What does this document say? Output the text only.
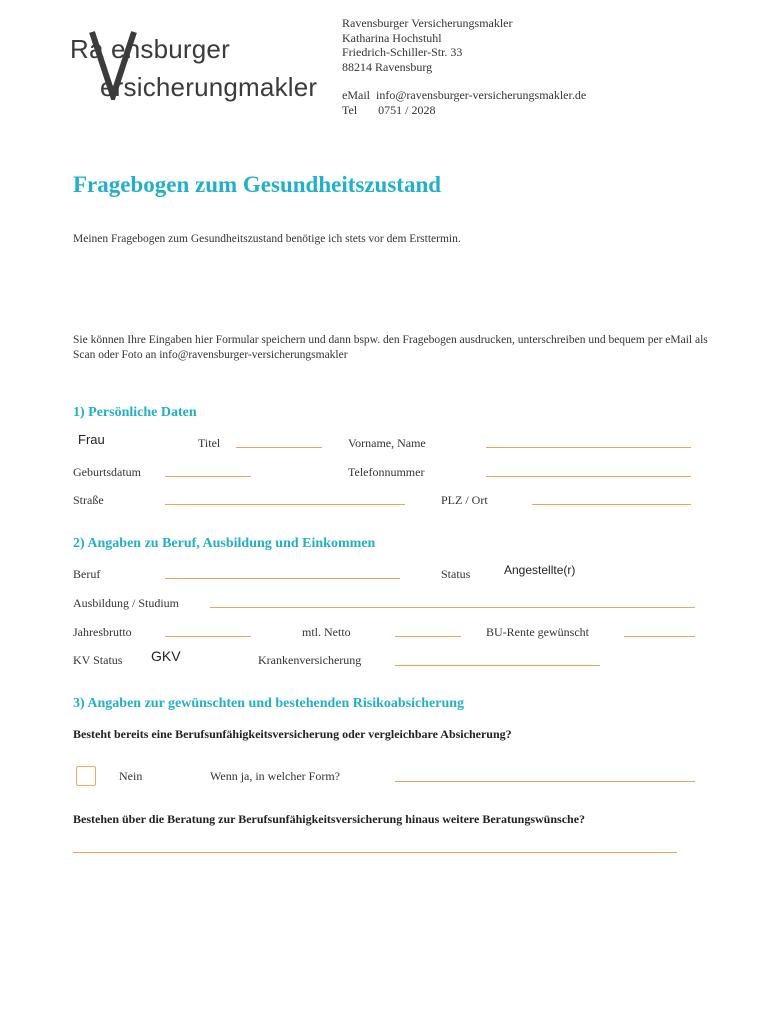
Ra ensburger
ersicherungmakler
Ravensburger Versicherungsmakler
Katharina Hochstuhl
Friedrich-Schiller-Str. 33
88214 Ravensburg
eMail  info@ravensburger-versicherungsmakler.de
Tel       0751 / 2028
Fragebogen zum Gesundheitszustand
Meinen Fragebogen zum Gesundheitszustand benötige ich stets vor dem Ersttermin.
Sie können Ihre Eingaben hier Formular speichern und dann bspw. den Fragebogen ausdrucken, unterschreiben und bequem per eMail als Scan oder Foto an info@ravensburger-versicherungsmakler
1) Persönliche Daten
Frau	Titel	Vorname, Name
Geburtsdatum	Telefonnummer
Straße	PLZ / Ort
2) Angaben zu Beruf, Ausbildung und Einkommen
Beruf	Status	Angestellte(r)
Ausbildung / Studium
Jahresbrutto	mtl. Netto	BU-Rente gewünscht
KV Status GKV	Krankenversicherung
3) Angaben zur gewünschten und bestehenden Risikoabsicherung
Besteht bereits eine Berufsunfähigkeitsversicherung oder vergleichbare Absicherung?
Nein	Wenn ja, in welcher Form?
Bestehen über die Beratung zur Berufsunfähigkeitsversicherung hinaus weitere Beratungswünsche?
